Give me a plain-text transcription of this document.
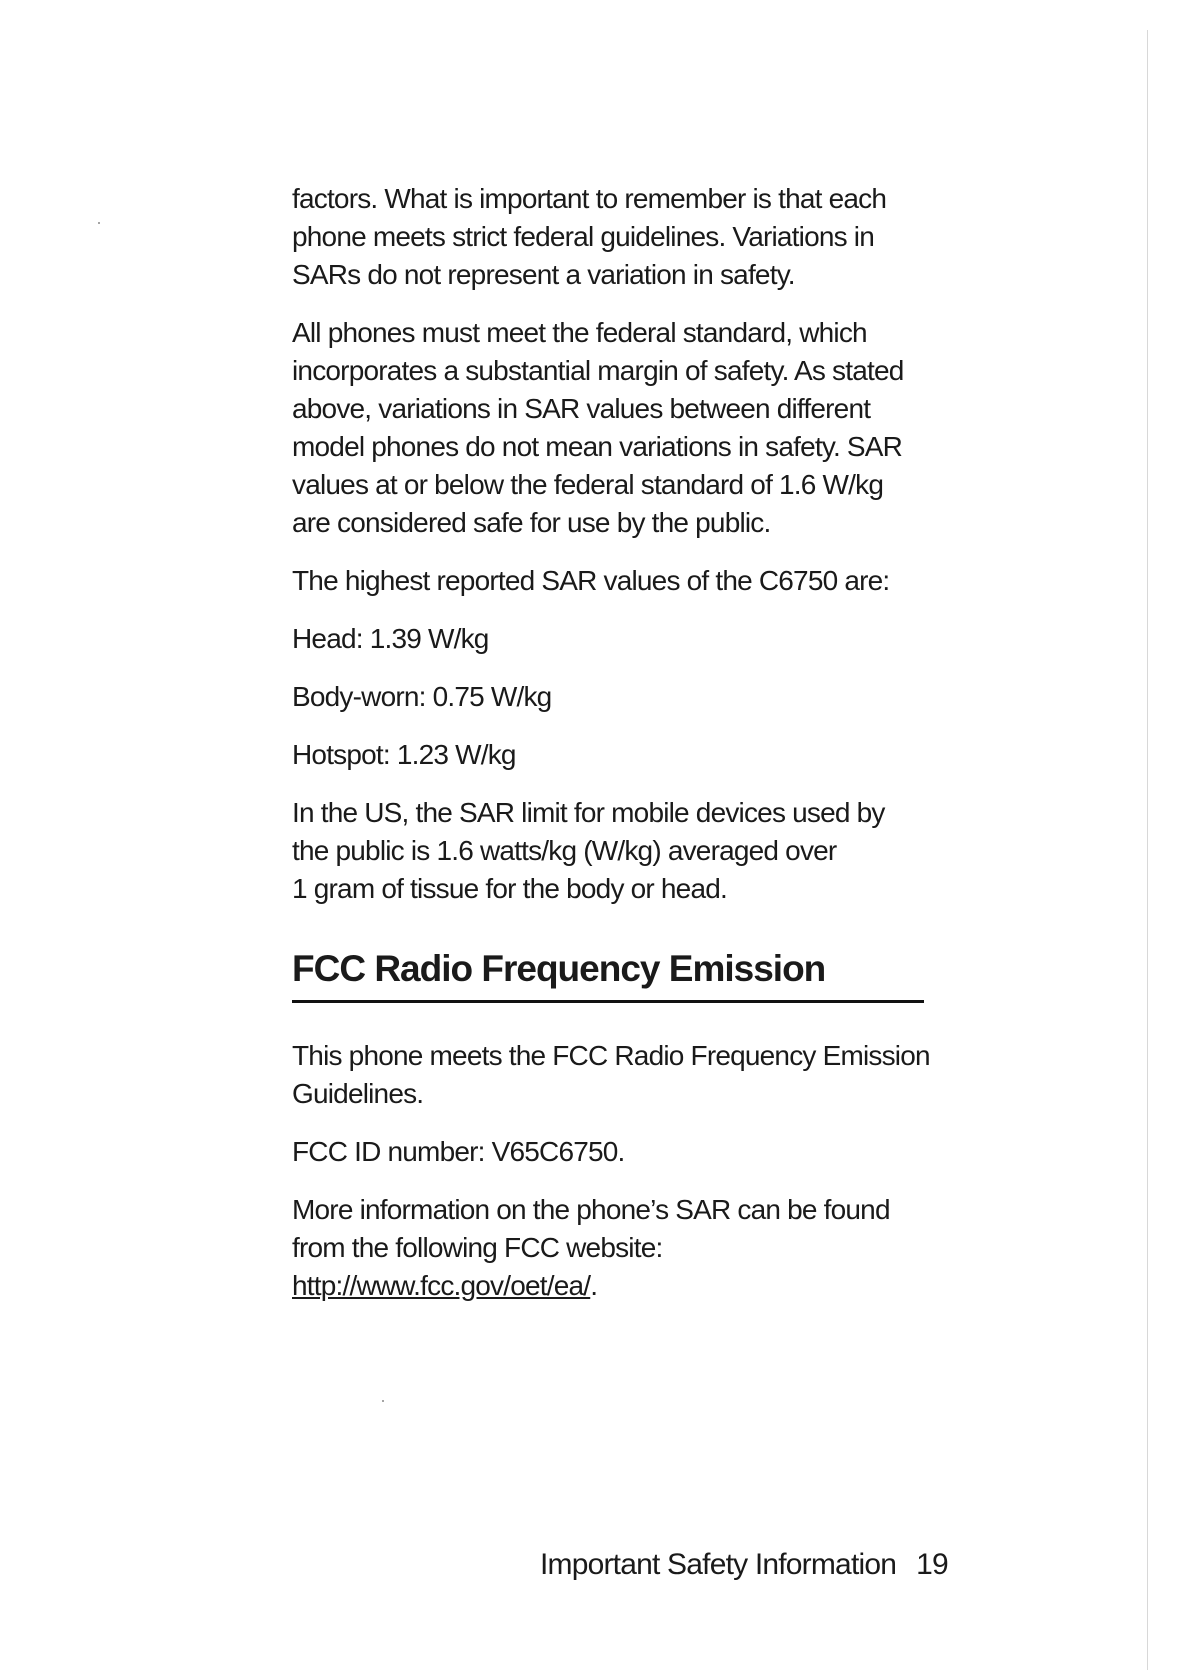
factors. What is important to remember is that each
phone meets strict federal guidelines. Variations in
SARs do not represent a variation in safety.

All phones must meet the federal standard, which
incorporates a substantial margin of safety. As stated
above, variations in SAR values between different
model phones do not mean variations in safety. SAR
values at or below the federal standard of 1.6 W/kg
are considered safe for use by the public.

The highest reported SAR values of the C6750 are:

Head: 1.39 W/kg

Body-worn: 0.75 W/kg

Hotspot: 1.23 W/kg

In the US, the SAR limit for mobile devices used by
the public is 1.6 watts/kg (W/kg) averaged over
1 gram of tissue for the body or head.

FCC Radio Frequency Emission

This phone meets the FCC Radio Frequency Emission
Guidelines.

FCC ID number: V65C6750.

More information on the phone’s SAR can be found
from the following FCC website:
http://www.fcc.gov/oet/ea/.

Important Safety Information 19
